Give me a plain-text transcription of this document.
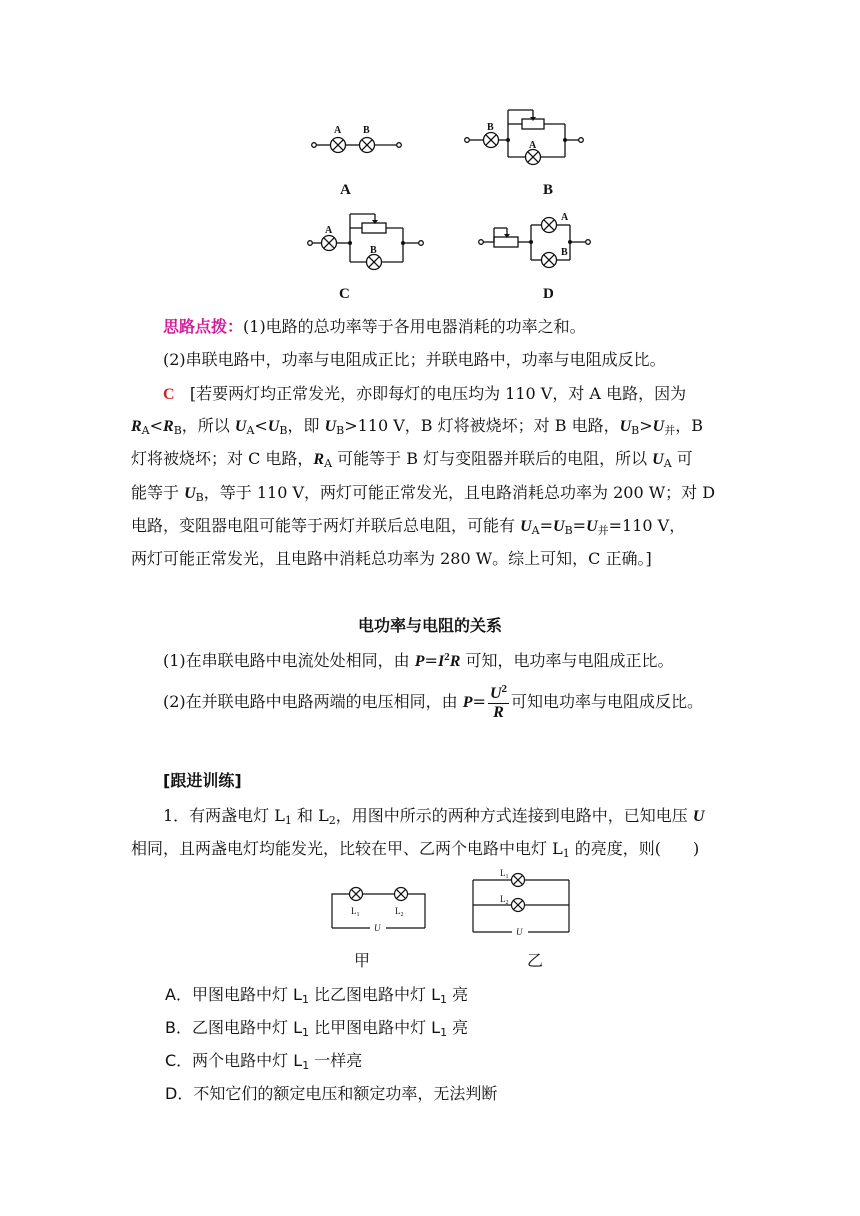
A B	B
A
A
B
A
B
A	B
C	D
思路点拨：(1)电路的总功率等于各用电器消耗的功率之和。
(2)串联电路中，功率与电阻成正比；并联电路中，功率与电阻成反比。
C [若要两灯均正常发光，亦即每灯的电压均为 110 V，对 A 电路，因为
$R_A<R_B$，所以 $U_A<U_B$，即 $U_B>110$ V，B 灯将被烧坏；对 B 电路，$U_B>U_并$，B
灯将被烧坏；对 C 电路，$R_A$ 可能等于 B 灯与变阻器并联后的电阻，所以 $U_A$ 可
能等于 $U_B$，等于 110 V，两灯可能正常发光，且电路消耗总功率为 200 W；对 D
电路，变阻器电阻可能等于两灯并联后总电阻，可能有 $U_A=U_B=U_并=110$ V，
两灯可能正常发光，且电路中消耗总功率为 280 W。综上可知，C 正确。]
电功率与电阻的关系
(1)在串联电路中电流处处相同，由 $P=I^2R$ 可知，电功率与电阻成正比。
(2)在并联电路中电路两端的电压相同，由 $P= \frac{U^2}{R}$ 可知电功率与电阻成反比。
[跟进训练]
1．有两盏电灯 $L_1$ 和 $L_2$，用图中所示的两种方式连接到电路中，已知电压 U
相同，且两盏电灯均能发光，比较在甲、乙两个电路中电灯 $L_1$ 的亮度，则(　　)
$L_1$	$L_2$
$L_1$
$L_2$
U	U
甲	乙
A．甲图电路中灯 $L_1$ 比乙图电路中灯 $L_1$ 亮
B．乙图电路中灯 $L_1$ 比甲图电路中灯 $L_1$ 亮
C．两个电路中灯 $L_1$ 一样亮
D．不知它们的额定电压和额定功率，无法判断
